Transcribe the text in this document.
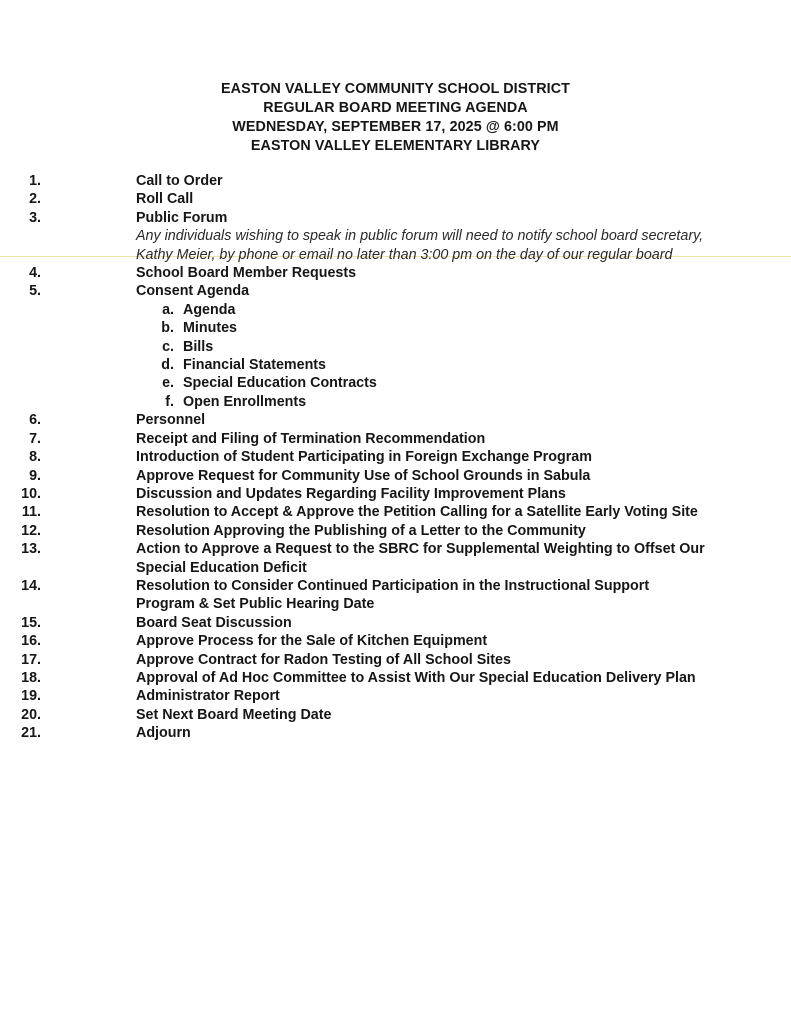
EASTON VALLEY COMMUNITY SCHOOL DISTRICT
REGULAR BOARD MEETING AGENDA
WEDNESDAY, SEPTEMBER 17, 2025 @ 6:00 PM
EASTON VALLEY ELEMENTARY LIBRARY
1.	Call to Order
2.	Roll Call
3.	Public Forum
Any individuals wishing to speak in public forum will need to notify school board secretary, Kathy Meier, by phone or email no later than 3:00 pm on the day of our regular board
4.	School Board Member Requests
5.	Consent Agenda
a. Agenda
b. Minutes
c. Bills
d. Financial Statements
e. Special Education Contracts
f. Open Enrollments
6.	Personnel
7.	Receipt and Filing of Termination Recommendation
8.	Introduction of Student Participating in Foreign Exchange Program
9.	Approve Request for Community Use of School Grounds in Sabula
10.	Discussion and Updates Regarding Facility Improvement Plans
11.	Resolution to Accept & Approve the Petition Calling for a Satellite Early Voting Site
12.	Resolution Approving the Publishing of a Letter to the Community
13.	Action to Approve a Request to the SBRC for Supplemental Weighting to Offset Our Special Education Deficit
14.	Resolution to Consider Continued Participation in the Instructional Support Program & Set Public Hearing Date
15.	Board Seat Discussion
16.	Approve Process for the Sale of Kitchen Equipment
17.	Approve Contract for Radon Testing of All School Sites
18.	Approval of Ad Hoc Committee to Assist With Our Special Education Delivery Plan
19.	Administrator Report
20.	Set Next Board Meeting Date
21.	Adjourn
